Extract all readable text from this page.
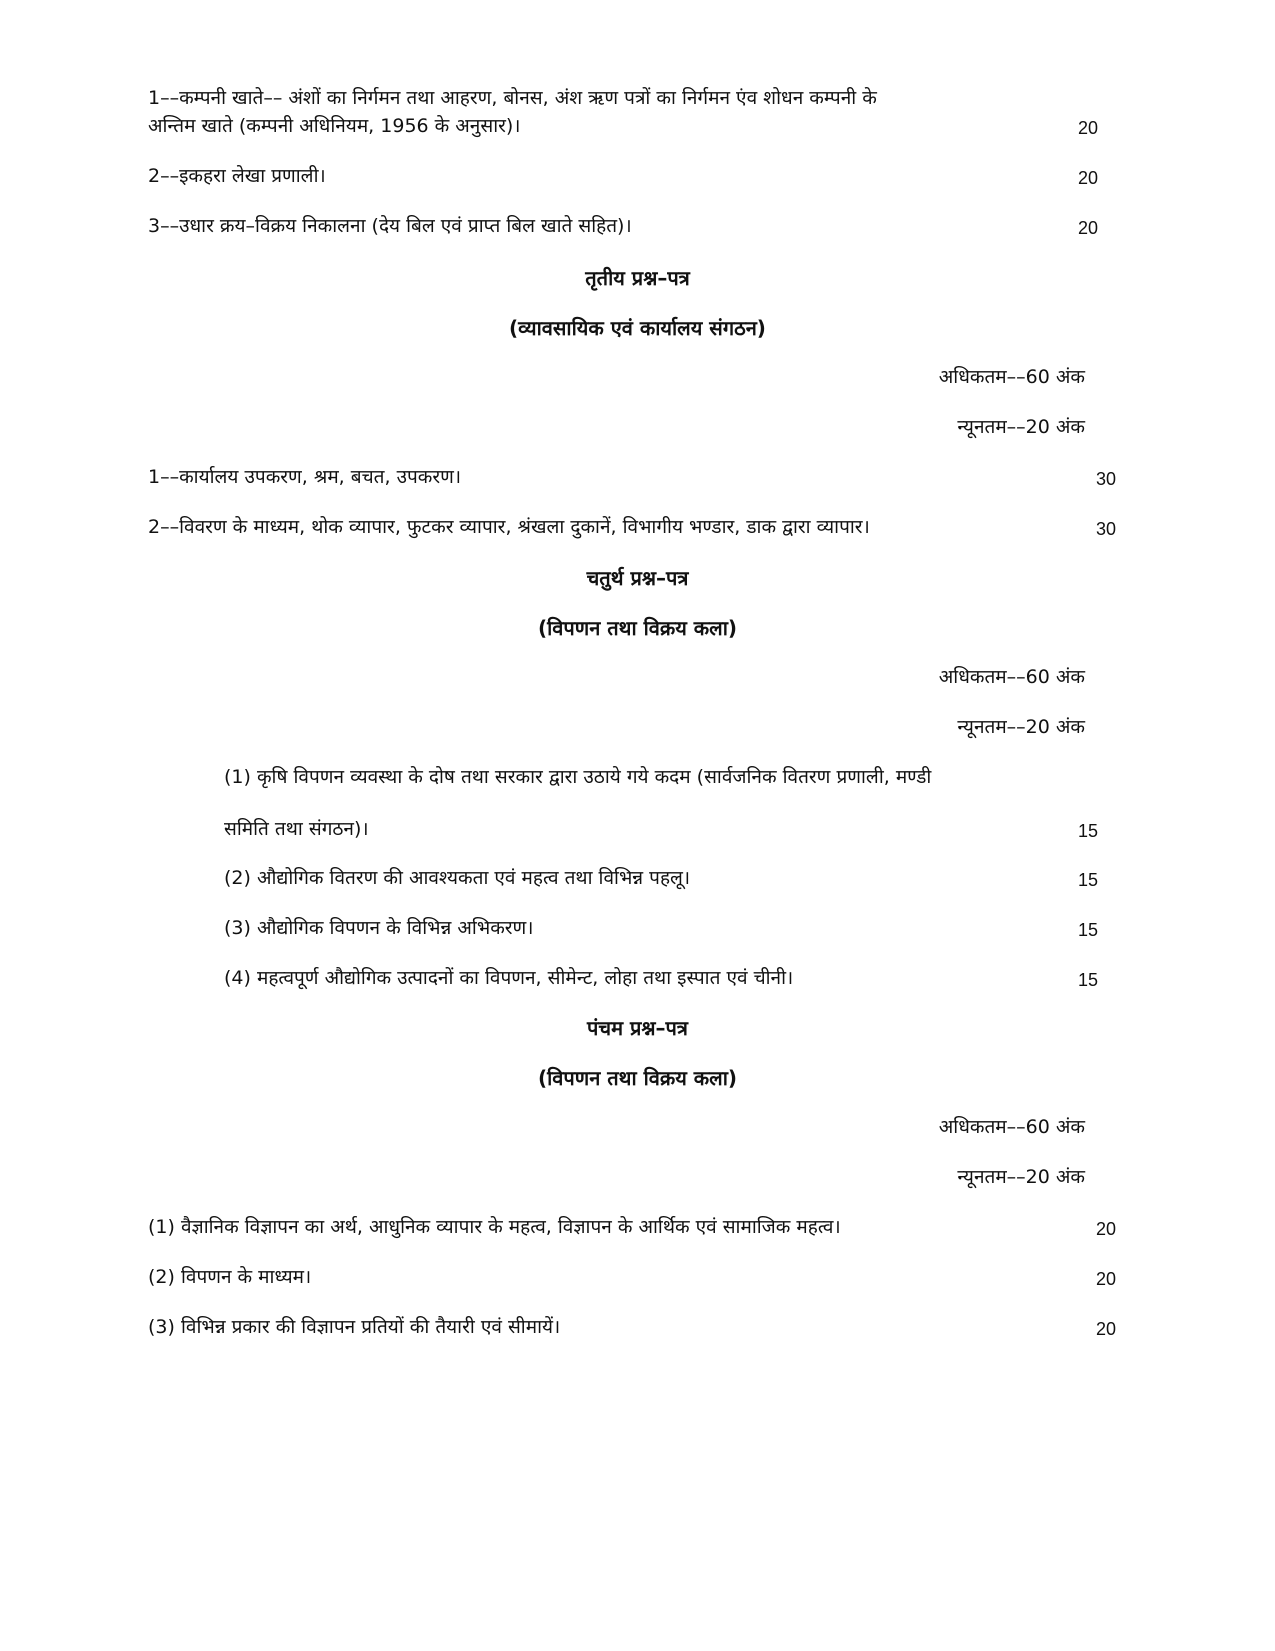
1––कम्पनी खाते–– अंशों का निर्गमन तथा आहरण, बोनस, अंश ऋण पत्रों का निर्गमन एंव शोधन कम्पनी के
अन्तिम खाते (कम्पनी अधिनियम, 1956 के अनुसार)।	20
2––इकहरा लेखा प्रणाली।	20
3––उधार क्रय–विक्रय निकालना (देय बिल एवं प्राप्त बिल खाते सहित)।	20
तृतीय प्रश्न–पत्र
(व्यावसायिक एवं कार्यालय संगठन)
अधिकतम––60 अंक
न्यूनतम––20 अंक
1––कार्यालय उपकरण, श्रम, बचत, उपकरण।	30
2––विवरण के माध्यम, थोक व्यापार, फुटकर व्यापार, श्रंखला दुकानें, विभागीय भण्डार, डाक द्वारा व्यापार।	30
चतुर्थ प्रश्न–पत्र
(विपणन तथा विक्रय कला)
अधिकतम––60 अंक
न्यूनतम––20 अंक
(1) कृषि विपणन व्यवस्था के दोष तथा सरकार द्वारा उठाये गये कदम (सार्वजनिक वितरण प्रणाली, मण्डी
समिति तथा संगठन)।	15
(2) औद्योगिक वितरण की आवश्यकता एवं महत्व तथा विभिन्न पहलू।	15
(3) औद्योगिक विपणन के विभिन्न अभिकरण।	15
(4) महत्वपूर्ण औद्योगिक उत्पादनों का विपणन, सीमेन्ट, लोहा तथा इस्पात एवं चीनी।	15
पंचम प्रश्न–पत्र
(विपणन तथा विक्रय कला)
अधिकतम––60 अंक
न्यूनतम––20 अंक
(1) वैज्ञानिक विज्ञापन का अर्थ, आधुनिक व्यापार के महत्व, विज्ञापन के आर्थिक एवं सामाजिक महत्व।	20
(2) विपणन के माध्यम।	20
(3) विभिन्न प्रकार की विज्ञापन प्रतियों की तैयारी एवं सीमायें।	20
